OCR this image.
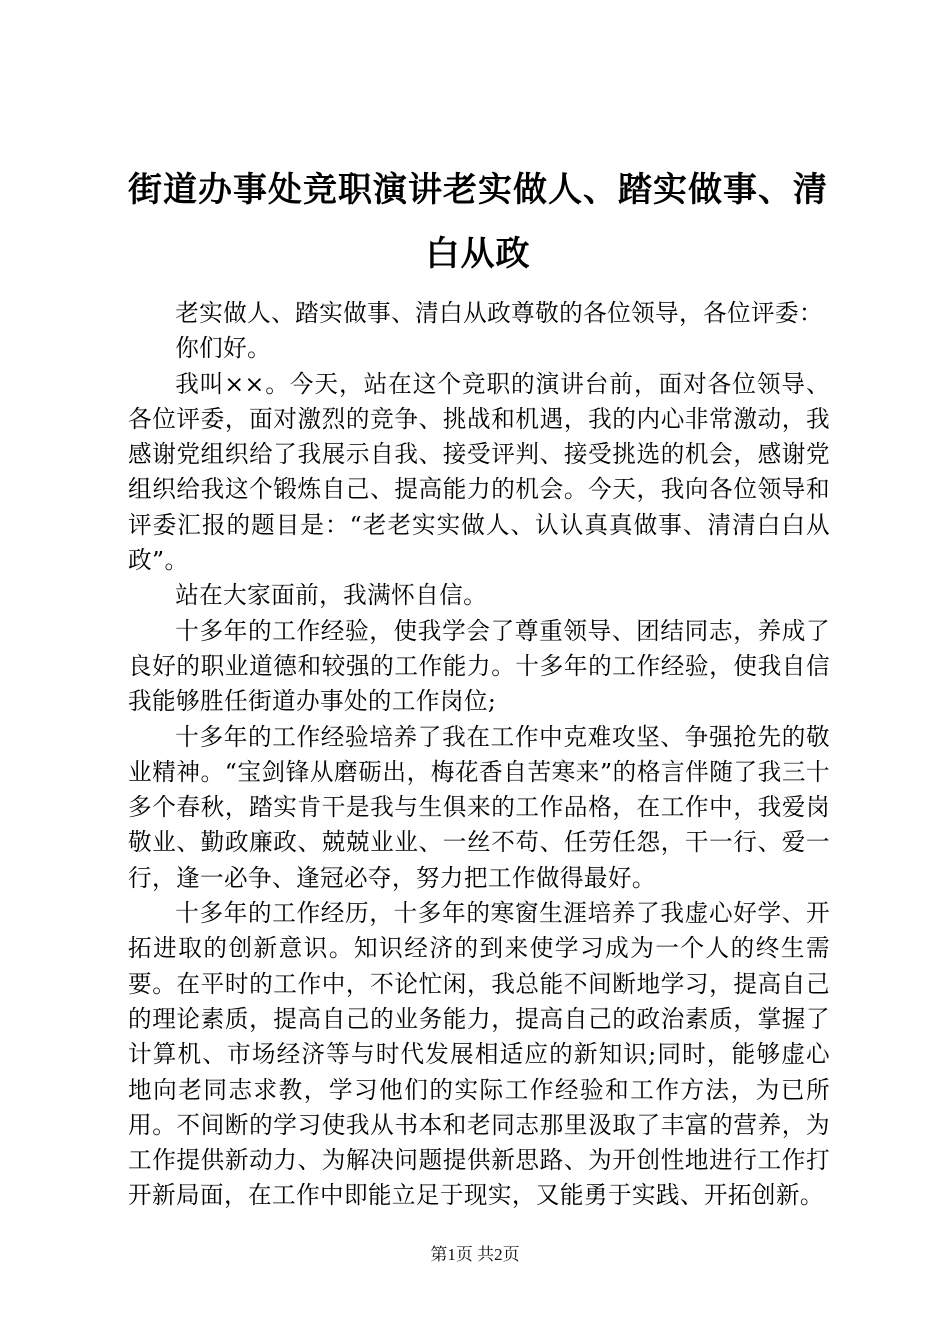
街道办事处竞职演讲老实做人、踏实做事、清白从政

老实做人、踏实做事、清白从政尊敬的各位领导，各位评委：

你们好。

我叫××。今天，站在这个竞职的演讲台前，面对各位领导、各位评委，面对激烈的竞争、挑战和机遇，我的内心非常激动，我感谢党组织给了我展示自我、接受评判、接受挑选的机会，感谢党组织给我这个锻炼自己、提高能力的机会。今天，我向各位领导和评委汇报的题目是：“老老实实做人、认认真真做事、清清白白从政”。

站在大家面前，我满怀自信。

十多年的工作经验，使我学会了尊重领导、团结同志，养成了良好的职业道德和较强的工作能力。十多年的工作经验，使我自信我能够胜任街道办事处的工作岗位;

十多年的工作经验培养了我在工作中克难攻坚、争强抢先的敬业精神。“宝剑锋从磨砺出，梅花香自苦寒来”的格言伴随了我三十多个春秋，踏实肯干是我与生俱来的工作品格，在工作中，我爱岗敬业、勤政廉政、兢兢业业、一丝不苟、任劳任怨，干一行、爱一行，逢一必争、逢冠必夺，努力把工作做得最好。

十多年的工作经历，十多年的寒窗生涯培养了我虚心好学、开拓进取的创新意识。知识经济的到来使学习成为一个人的终生需要。在平时的工作中，不论忙闲，我总能不间断地学习，提高自己的理论素质，提高自己的业务能力，提高自己的政治素质，掌握了计算机、市场经济等与时代发展相适应的新知识;同时，能够虚心地向老同志求教，学习他们的实际工作经验和工作方法，为已所用。不间断的学习使我从书本和老同志那里汲取了丰富的营养，为工作提供新动力、为解决问题提供新思路、为开创性地进行工作打开新局面，在工作中即能立足于现实，又能勇于实践、开拓创新。

第1页 共2页
